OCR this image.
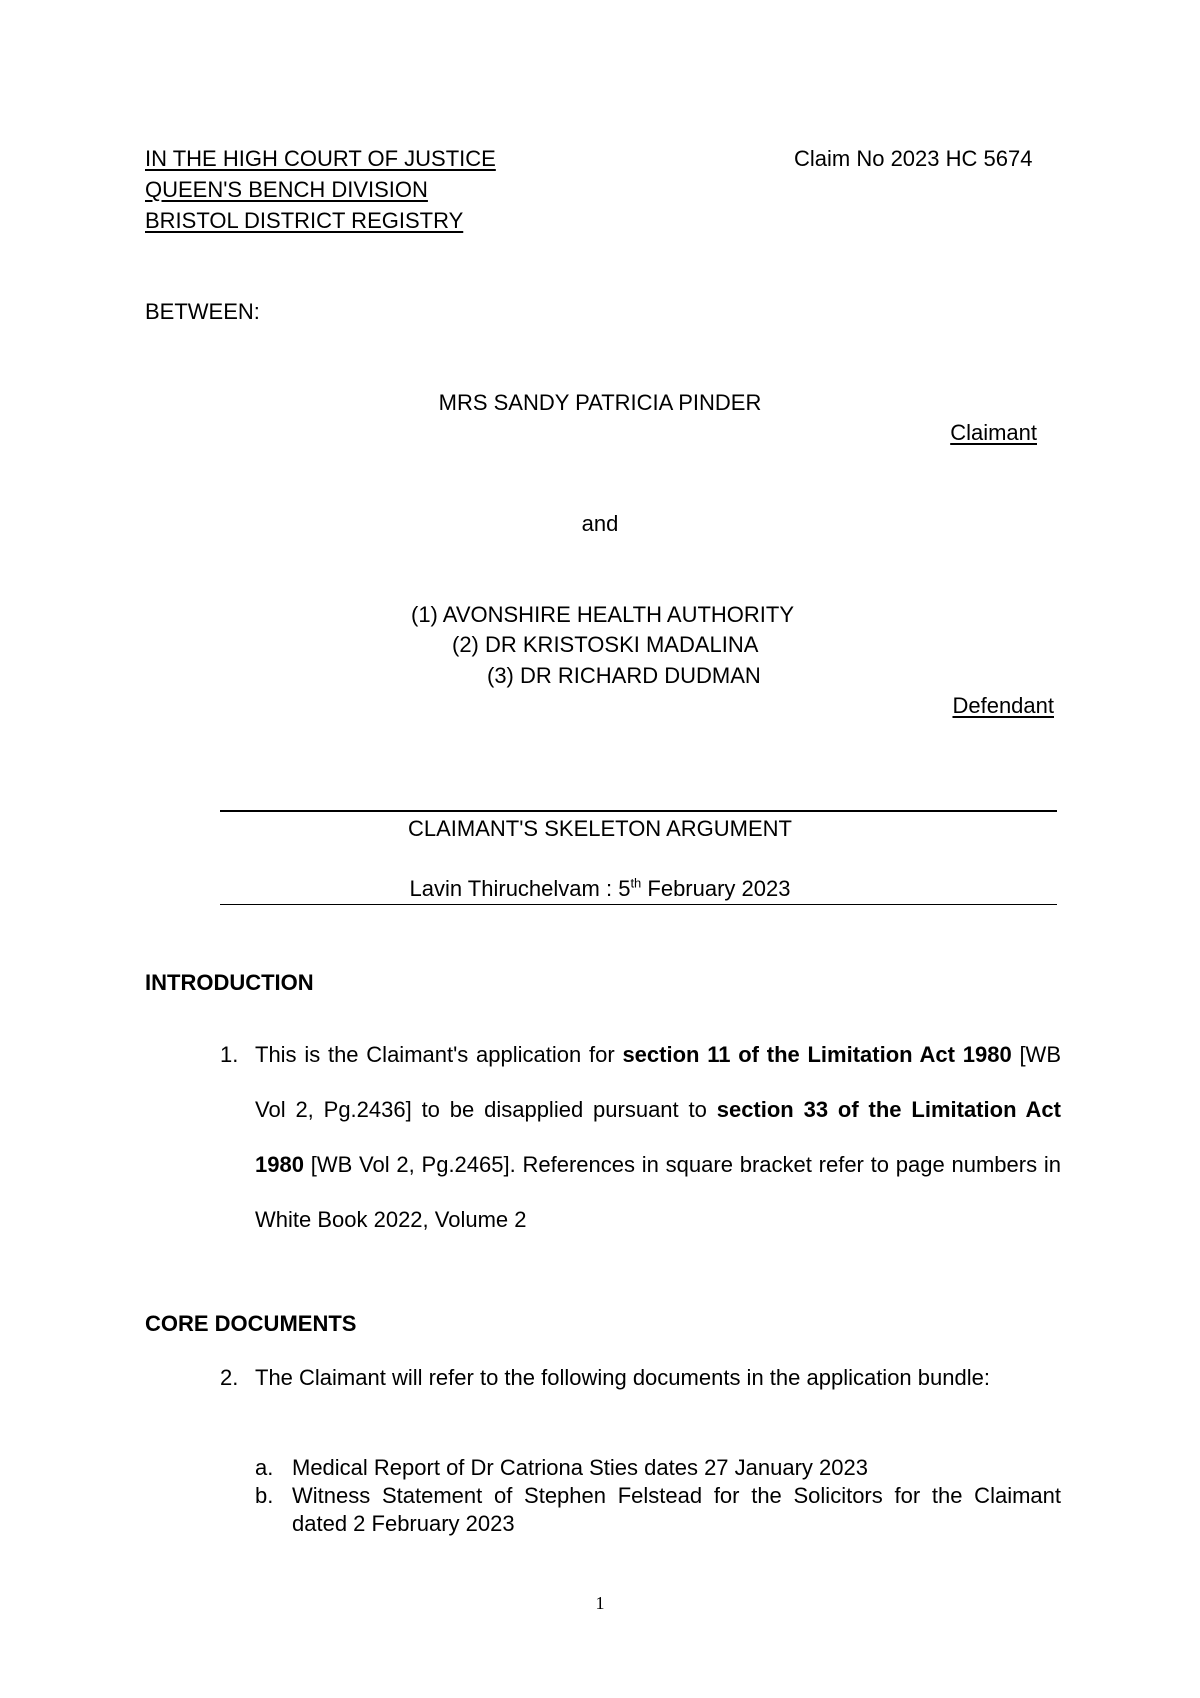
IN THE HIGH COURT OF JUSTICE
QUEEN'S BENCH DIVISION
BRISTOL DISTRICT REGISTRY
Claim No 2023 HC 5674
BETWEEN:
MRS SANDY PATRICIA PINDER
Claimant
and
(1) AVONSHIRE HEALTH AUTHORITY
(2) DR KRISTOSKI MADALINA
(3) DR RICHARD DUDMAN
Defendant
CLAIMANT'S SKELETON ARGUMENT
Lavin Thiruchelvam : 5th February 2023
INTRODUCTION
1. This is the Claimant's application for section 11 of the Limitation Act 1980 [WB Vol 2, Pg.2436] to be disapplied pursuant to section 33 of the Limitation Act 1980 [WB Vol 2, Pg.2465]. References in square bracket refer to page numbers in White Book 2022, Volume 2
CORE DOCUMENTS
2. The Claimant will refer to the following documents in the application bundle:
a. Medical Report of Dr Catriona Sties dates 27 January 2023
b. Witness Statement of Stephen Felstead for the Solicitors for the Claimant dated 2 February 2023
1
